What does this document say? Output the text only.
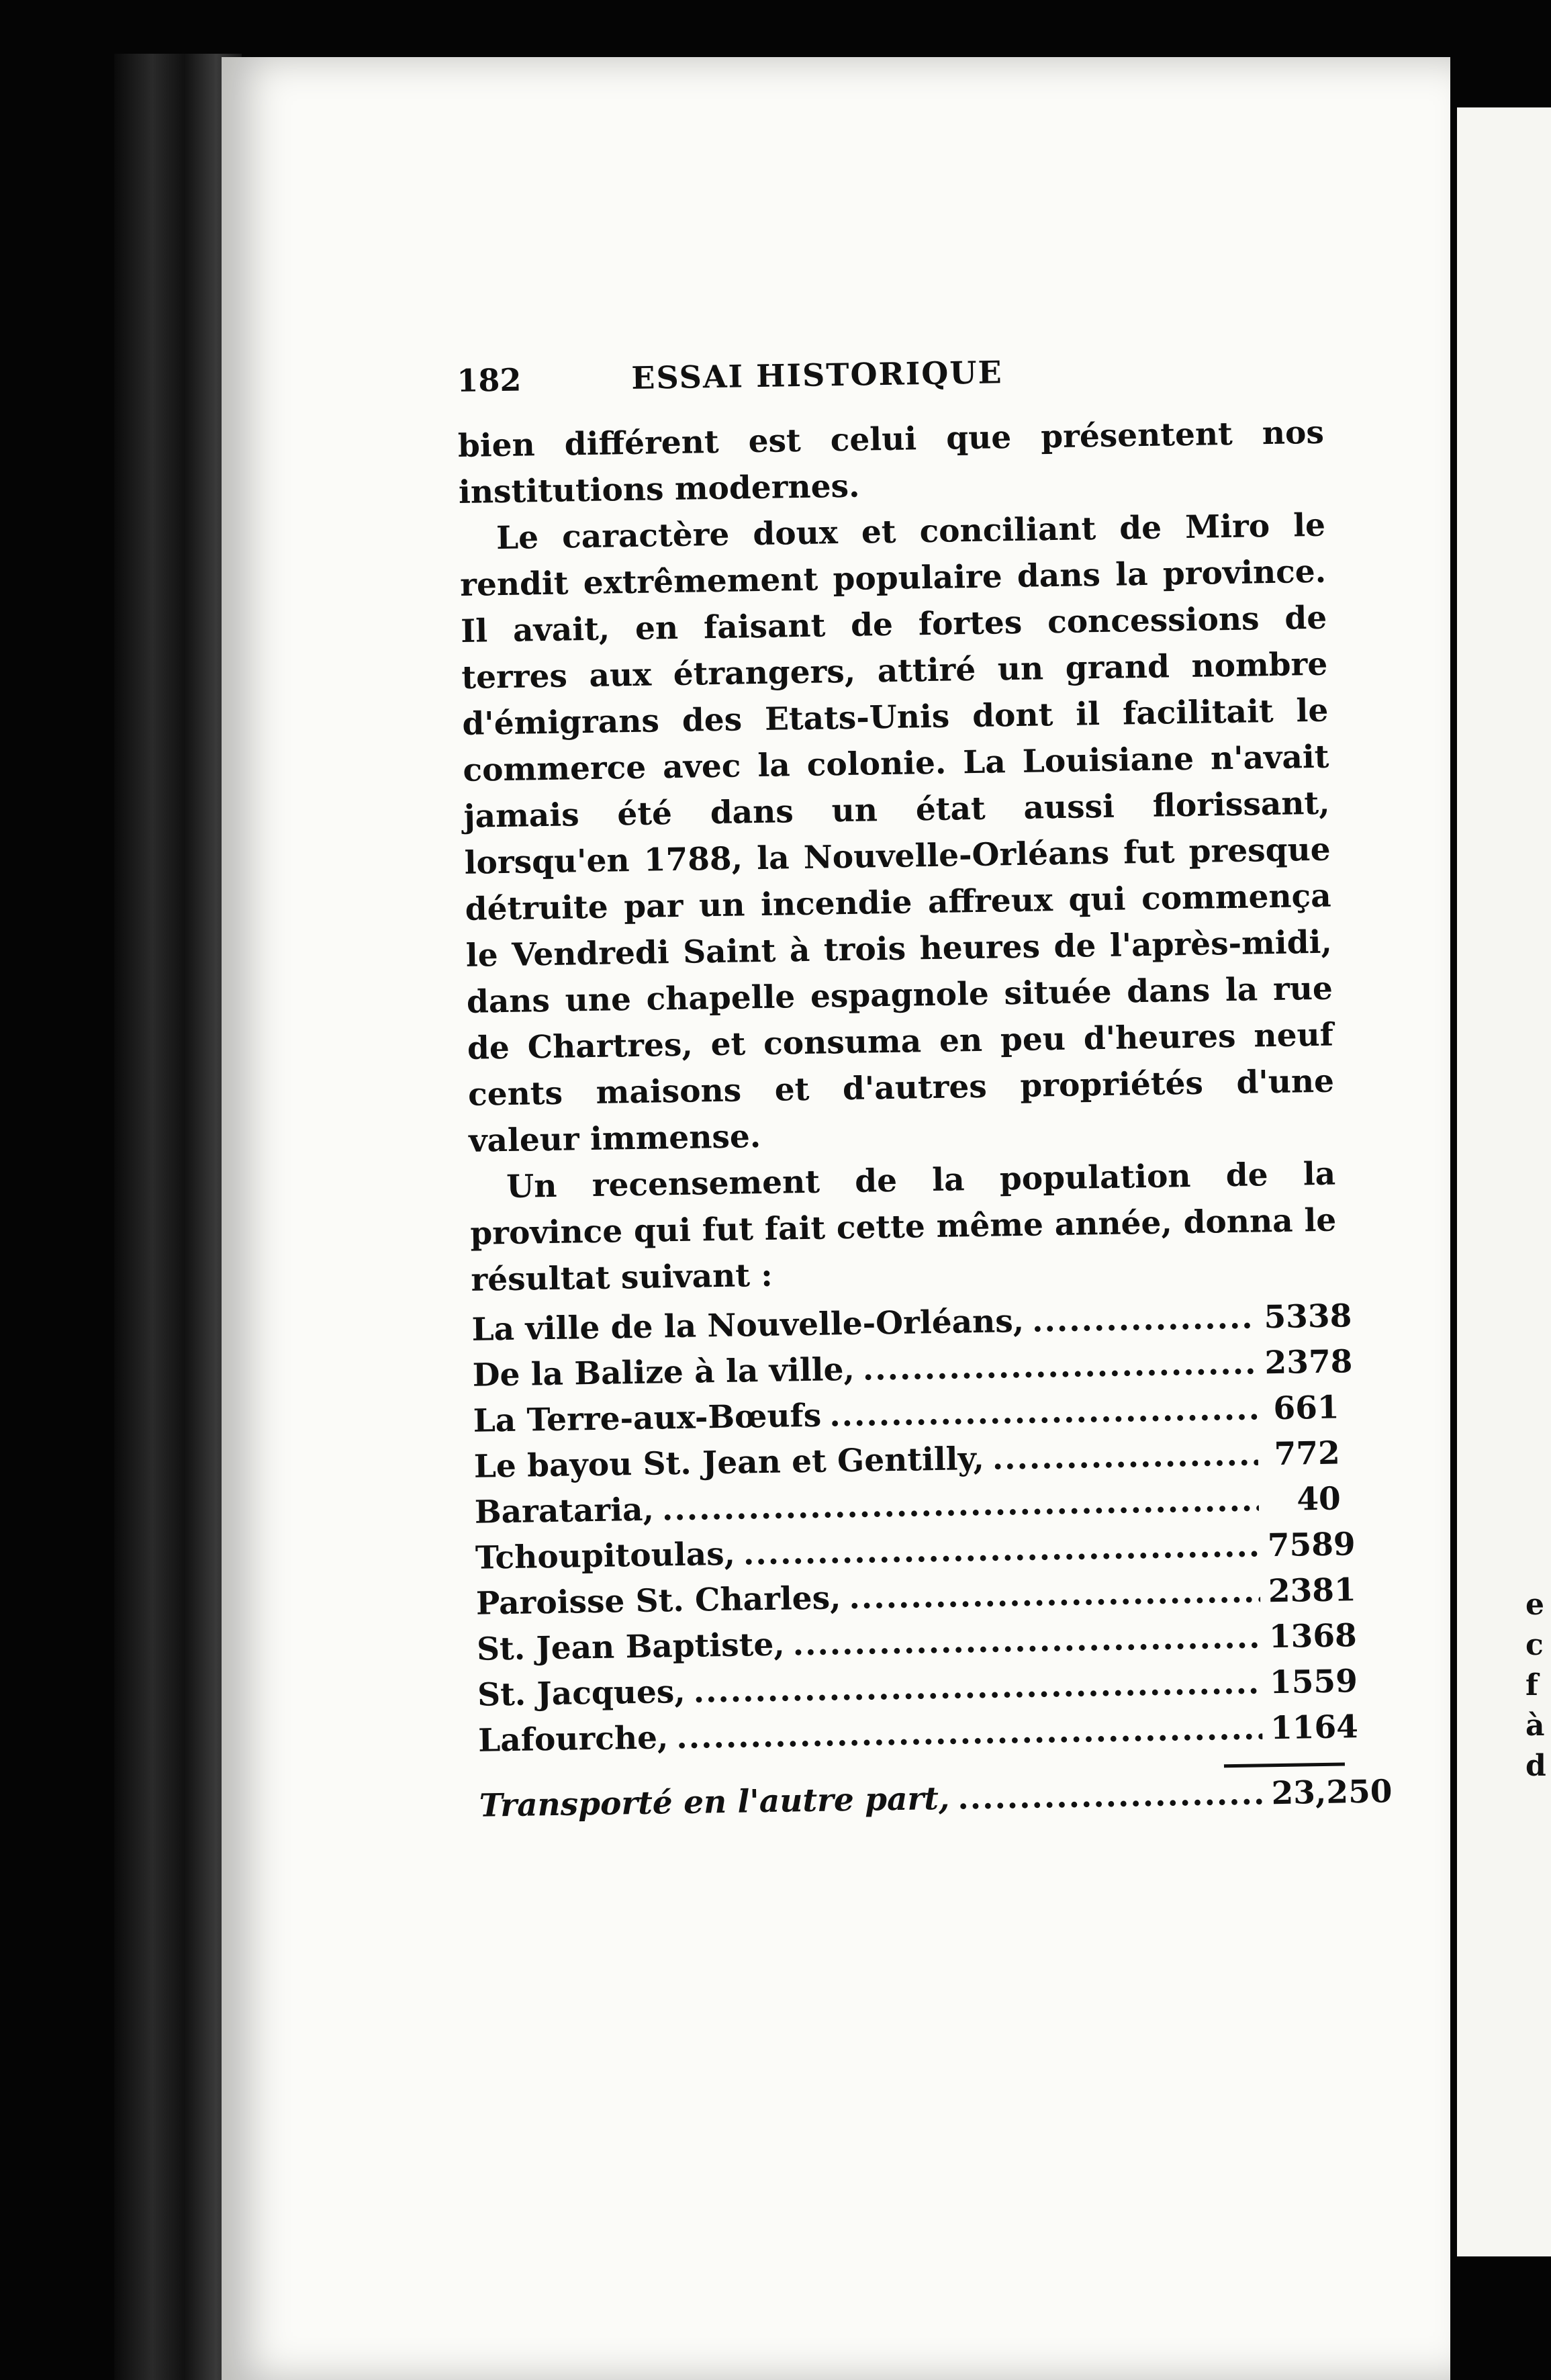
e
c
f
à
d
182	ESSAI HISTORIQUE

bien différent est celui que présentent nos institutions modernes.

Le caractère doux et conciliant de Miro le rendit extrêmement populaire dans la province. Il avait, en faisant de fortes concessions de terres aux étrangers, attiré un grand nombre d'émigrans des Etats-Unis dont il facilitait le commerce avec la colonie. La Louisiane n'avait jamais été dans un état aussi florissant, lorsqu'en 1788, la Nouvelle-Orléans fut presque détruite par un incendie affreux qui commença le Vendredi Saint à trois heures de l'après-midi, dans une chapelle espagnole située dans la rue de Chartres, et consuma en peu d'heures neuf cents maisons et d'autres propriétés d'une valeur immense.

Un recensement de la population de la province qui fut fait cette même année, donna le résultat suivant :

La ville de la Nouvelle-Orléans, .....	5338
De la Balize à la ville, .....	2378
La Terre-aux-Bœufs .....	661
Le bayou St. Jean et Gentilly, .....	772
Barataria, .....	40
Tchoupitoulas, .....	7589
Paroisse St. Charles, .....	2381
St. Jean Baptiste, .....	1368
St. Jacques, .....	1559
Lafourche, .....	1164
Transporté en l'autre part, .....	23,250
